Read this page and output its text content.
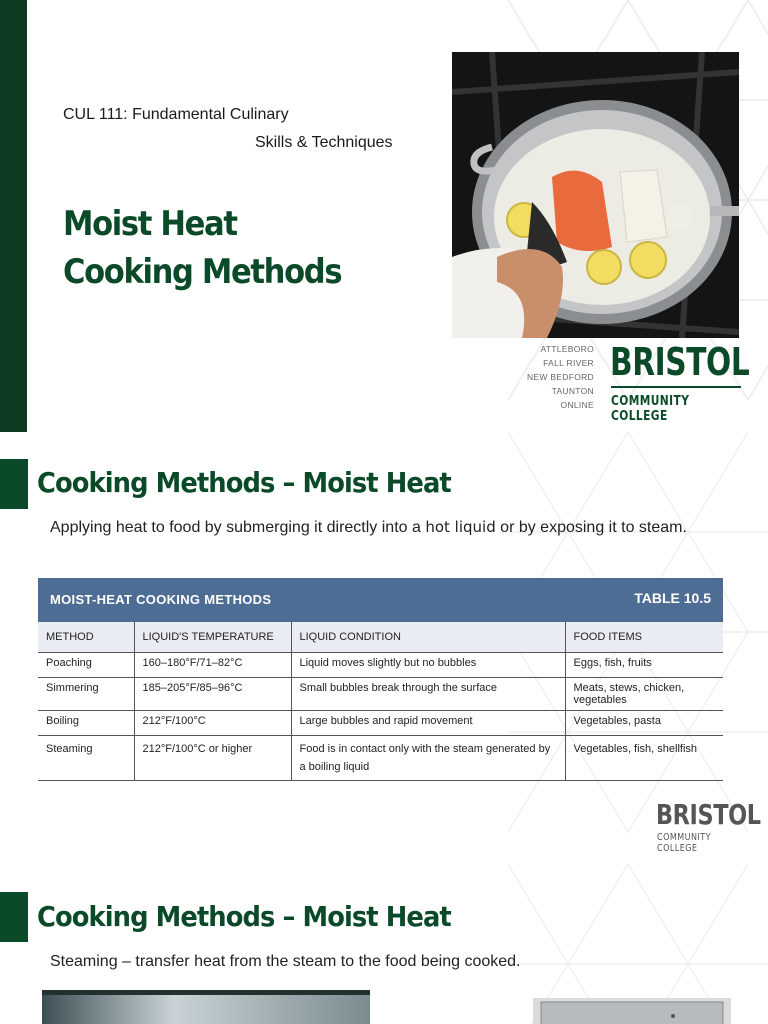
CUL 111: Fundamental Culinary
Skills & Techniques
Moist Heat
Cooking Methods
ATTLEBORO
FALL RIVER
NEW BEDFORD
TAUNTON
ONLINE
BRISTOL
COMMUNITY COLLEGE
Cooking Methods – Moist Heat
Applying heat to food by submerging it directly into a hot liquid or by exposing it to steam.
MOIST-HEAT COOKING METHODS	TABLE 10.5
METHOD	LIQUID'S TEMPERATURE	LIQUID CONDITION	FOOD ITEMS
Poaching	160–180°F/71–82°C	Liquid moves slightly but no bubbles	Eggs, fish, fruits
Simmering	185–205°F/85–96°C	Small bubbles break through the surface	Meats, stews, chicken, vegetables
Boiling	212°F/100°C	Large bubbles and rapid movement	Vegetables, pasta
Steaming	212°F/100°C or higher	Food is in contact only with the steam generated by a boiling liquid	Vegetables, fish, shellfish
BRISTOL
COMMUNITY COLLEGE
Cooking Methods – Moist Heat
Steaming – transfer heat from the steam to the food being cooked.
